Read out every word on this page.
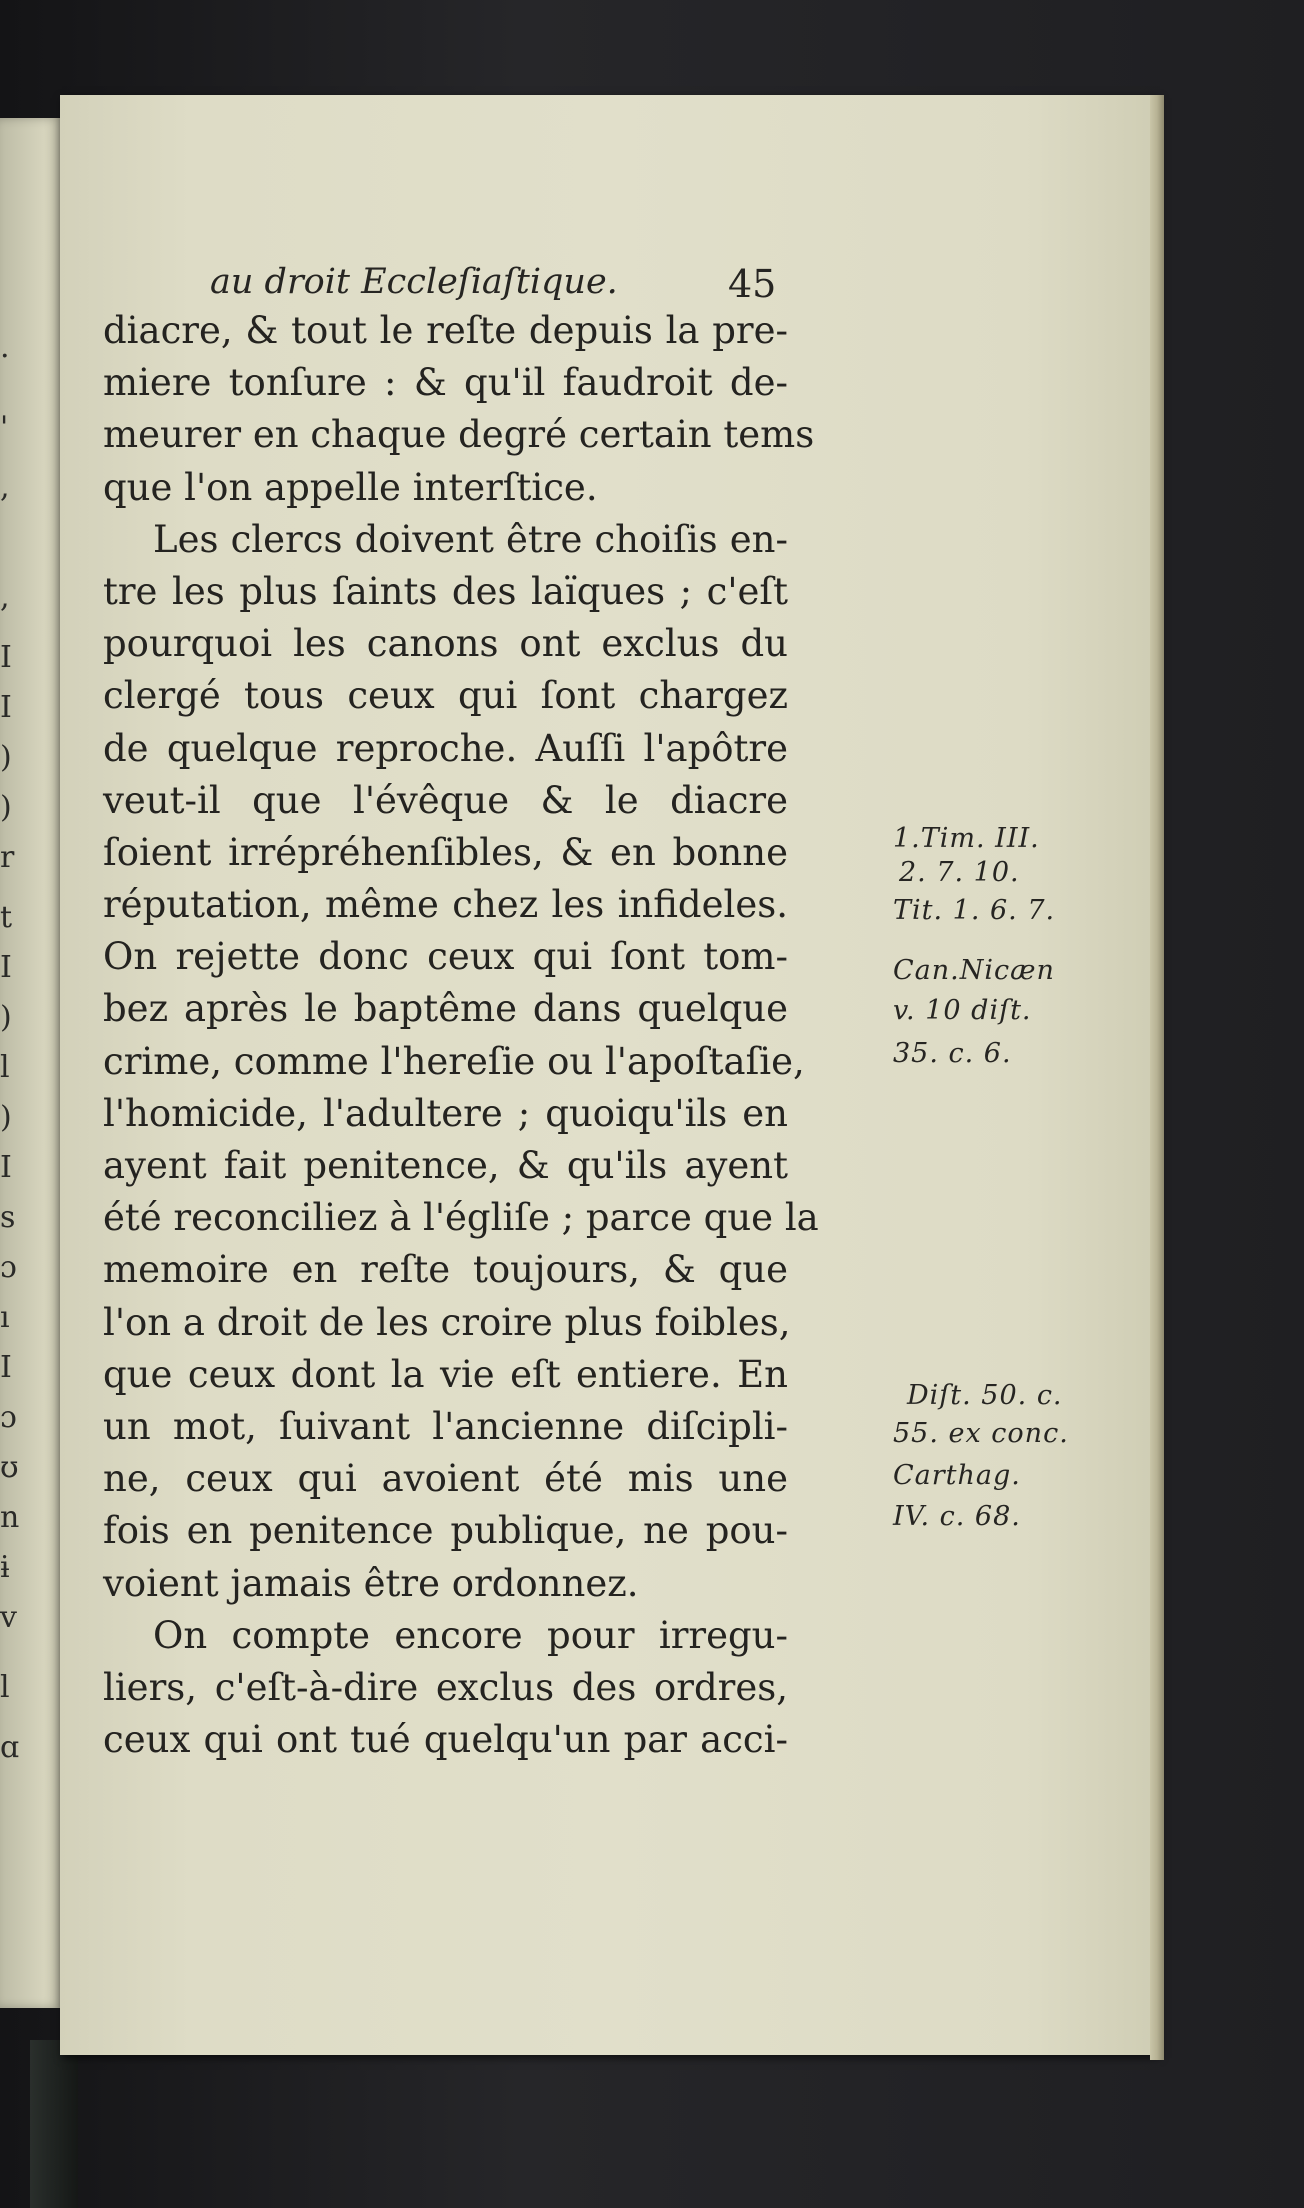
.
'
,
,
I
I
)
)
r
t
I
)
l
)
I
s
ɔ
ı
I
ɔ
ʊ
n
ɨ
v
l
ɑ
au droit Eccleſiaſtique.	45
diacre, & tout le reſte depuis la pre-
miere tonſure : & qu'il faudroit de-
meurer en chaque degré certain tems
que l'on appelle interſtice.
Les clercs doivent être choiſis en-
tre les plus ſaints des laïques ; c'eſt
pourquoi les canons ont exclus du
clergé tous ceux qui ſont chargez
de quelque reproche. Auſſi l'apôtre
veut-il que l'évêque & le diacre
ſoient irrépréhenſibles, & en bonne
réputation, même chez les infideles.
On rejette donc ceux qui ſont tom-
bez après le baptême dans quelque
crime, comme l'hereſie ou l'apoſtaſie,
l'homicide, l'adultere ; quoiqu'ils en
ayent fait penitence, & qu'ils ayent
été reconciliez à l'égliſe ; parce que la
memoire en reſte toujours, & que
l'on a droit de les croire plus foibles,
que ceux dont la vie eſt entiere. En
un mot, ſuivant l'ancienne diſcipli-
ne, ceux qui avoient été mis une
fois en penitence publique, ne pou-
voient jamais être ordonnez.
On compte encore pour irregu-
liers, c'eſt-à-dire exclus des ordres,
ceux qui ont tué quelqu'un par acci-
1.Tim. III.
2. 7. 10.
Tit. 1. 6. 7.
Can.Nicæn
v. 10 diſt.
35. c. 6.
Diſt. 50. c.
55. ex conc.
Carthag.
IV. c. 68.
